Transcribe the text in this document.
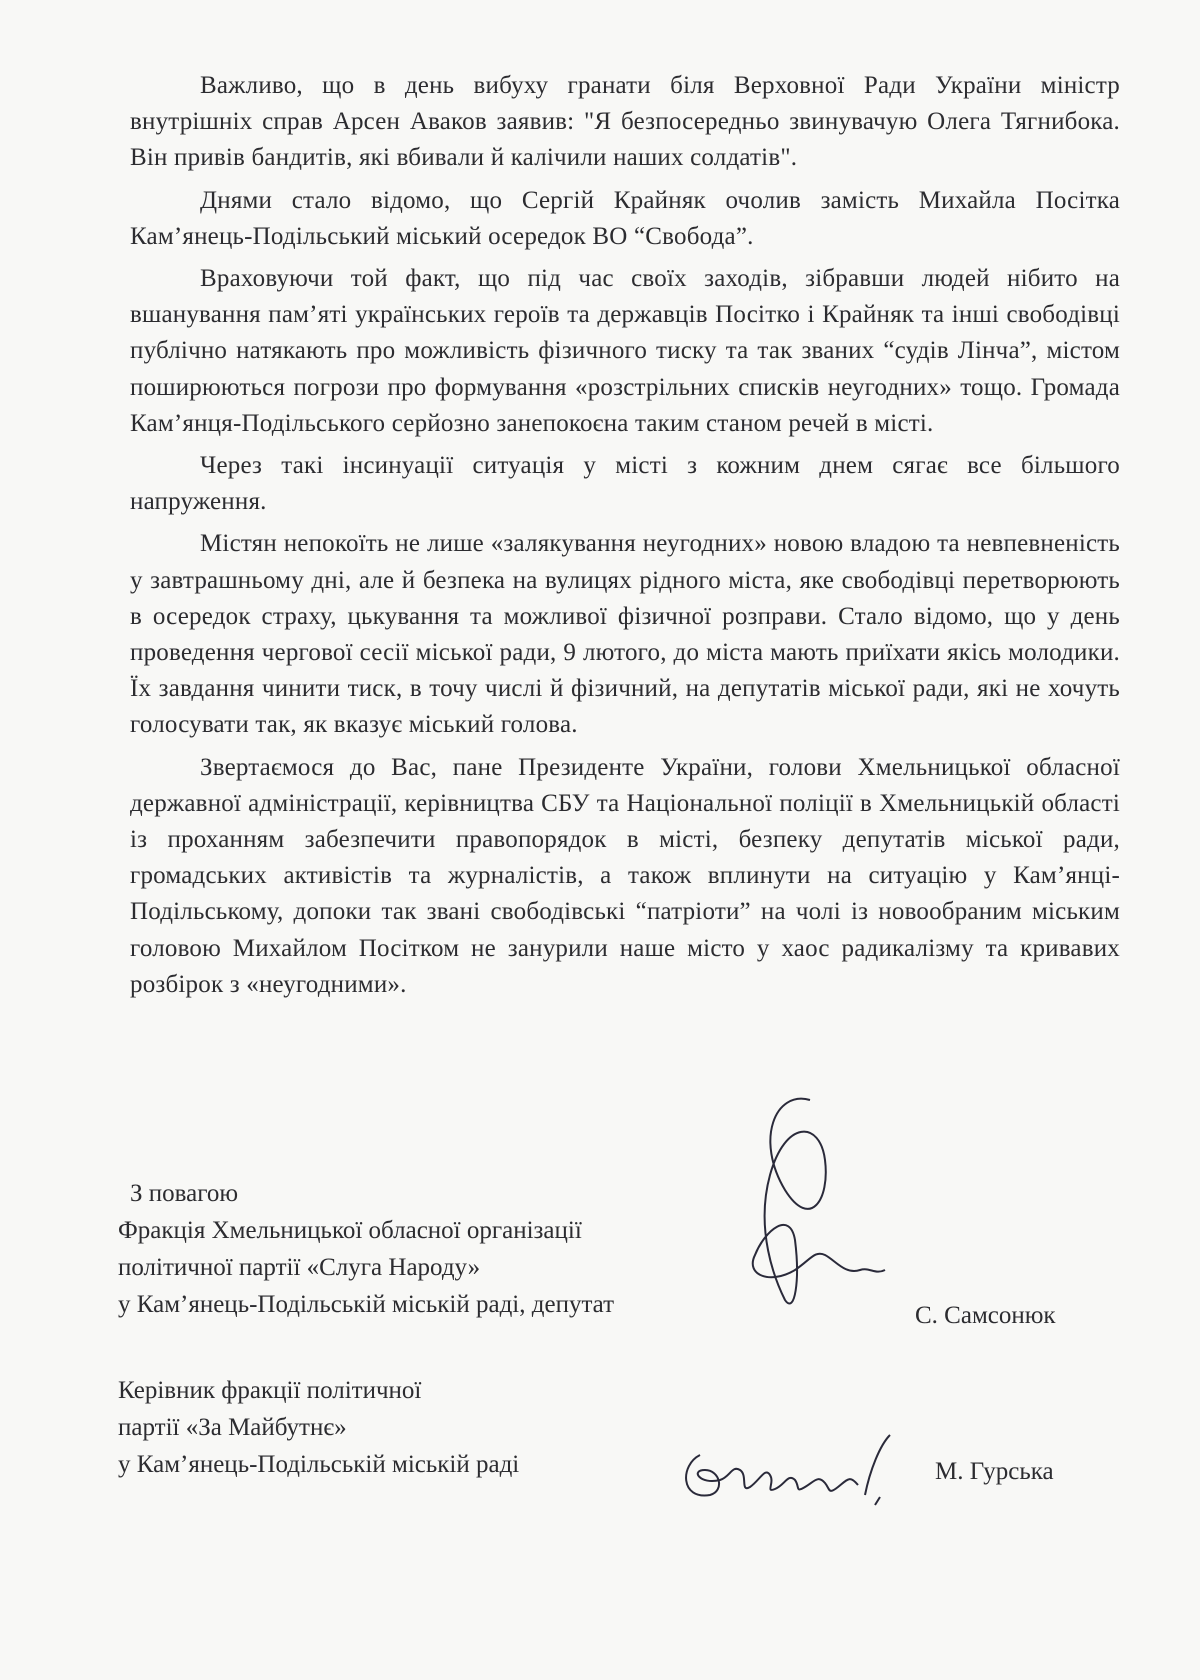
Важливо, що в день вибуху гранати біля Верховної Ради України міністр внутрішніх справ Арсен Аваков заявив: "Я безпосередньо звинувачую Олега Тягнибока. Він привів бандитів, які вбивали й калічили наших солдатів".

Днями стало відомо, що Сергій Крайняк очолив замість Михайла Посітка Кам’янець-Подільський міський осередок ВО “Свобода”.

Враховуючи той факт, що під час своїх заходів, зібравши людей нібито на вшанування пам’яті українських героїв та державців Посітко і Крайняк та інші свободівці публічно натякають про можливість фізичного тиску та так званих “судів Лінча”, містом поширюються погрози про формування «розстрільних списків неугодних» тощо. Громада Кам’янця-Подільського серйозно занепокоєна таким станом речей в місті.

Через такі інсинуації ситуація у місті з кожним днем сягає все більшого напруження.

Містян непокоїть не лише «залякування неугодних» новою владою та невпевненість у завтрашньому дні, але й безпека на вулицях рідного міста, яке свободівці перетворюють в осередок страху, цькування та можливої фізичної розправи. Стало відомо, що у день проведення чергової сесії міської ради, 9 лютого, до міста мають приїхати якісь молодики. Їх завдання чинити тиск, в точу числі й фізичний, на депутатів міської ради, які не хочуть голосувати так, як вказує міський голова.

Звертаємося до Вас, пане Президенте України, голови Хмельницької обласної державної адміністрації, керівництва СБУ та Національної поліції в Хмельницькій області із проханням забезпечити правопорядок в місті, безпеку депутатів міської ради, громадських активістів та журналістів, а також вплинути на ситуацію у Кам’янці-Подільському, допоки так звані свободівські “патріоти” на чолі із новообраним міським головою Михайлом Посітком не занурили наше місто у хаос радикалізму та кривавих розбірок з «неугодними».

З повагою
Фракція Хмельницької обласної організації
політичної партії «Слуга Народу»
у Кам’янець-Подільській міській раді, депутат	С. Самсонюк
Керівник фракції політичної
партії «За Майбутнє»
у Кам’янець-Подільській міській раді	М. Гурська
